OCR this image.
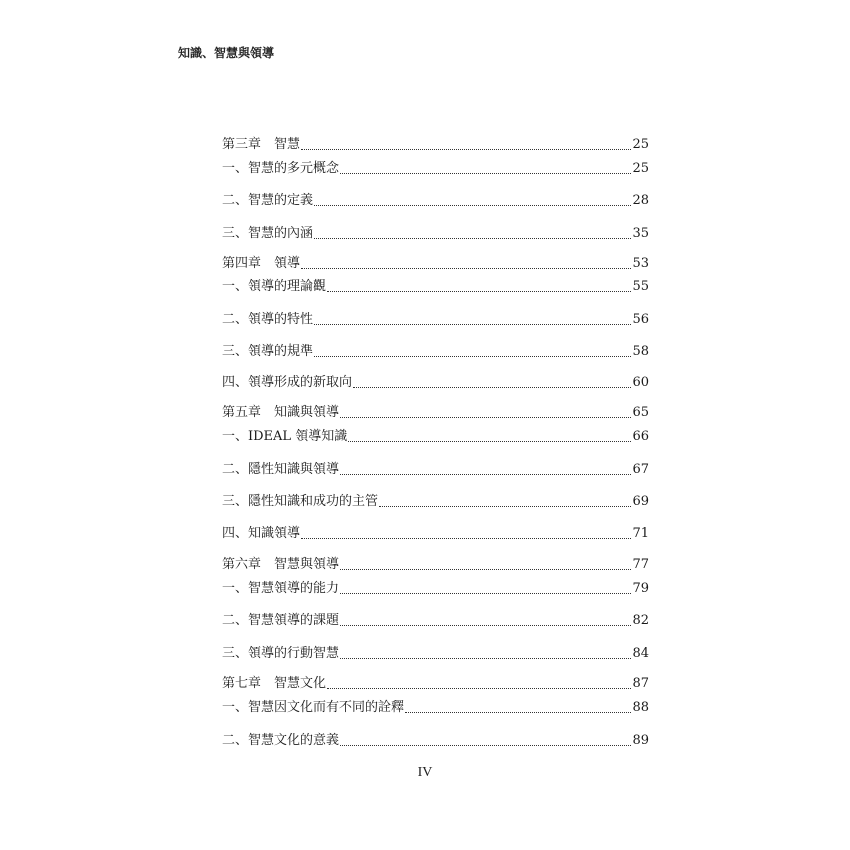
知識、智慧與領導
第三章　智慧	25
一、智慧的多元概念	25
二、智慧的定義	28
三、智慧的內涵	35
第四章　領導	53
一、領導的理論觀	55
二、領導的特性	56
三、領導的規準	58
四、領導形成的新取向	60
第五章　知識與領導	65
一、IDEAL 領導知識	66
二、隱性知識與領導	67
三、隱性知識和成功的主管	69
四、知識領導	71
第六章　智慧與領導	77
一、智慧領導的能力	79
二、智慧領導的課題	82
三、領導的行動智慧	84
第七章　智慧文化	87
一、智慧因文化而有不同的詮釋	88
二、智慧文化的意義	89
IV
